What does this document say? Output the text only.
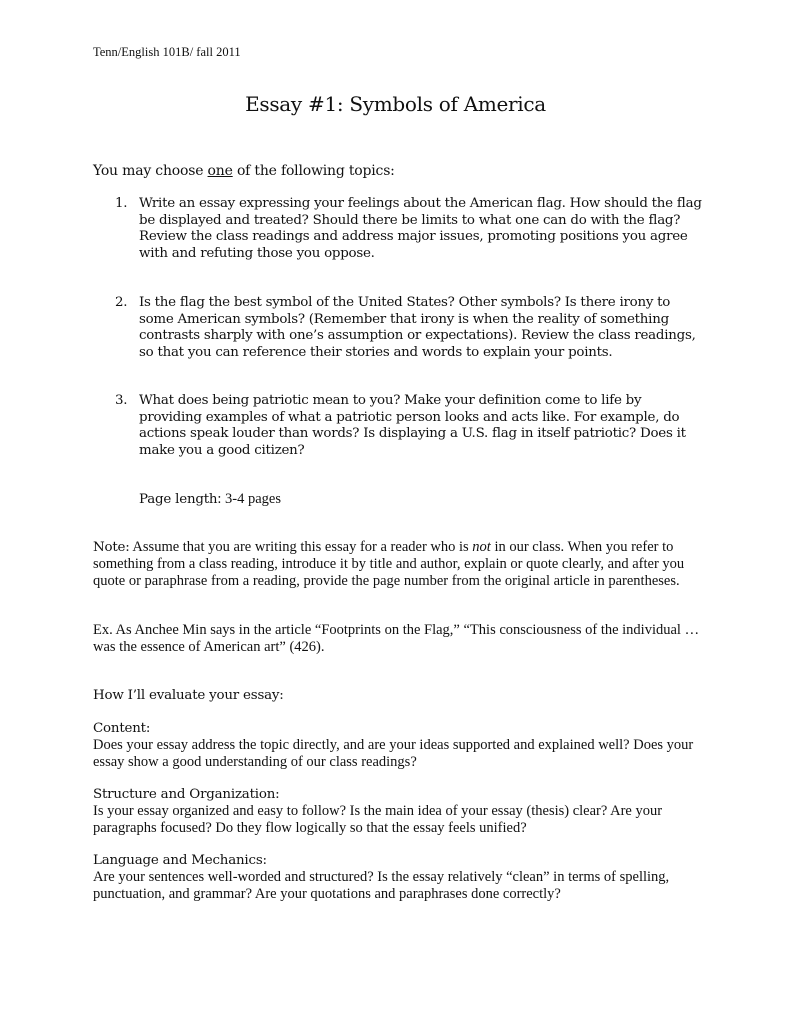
Tenn/English 101B/ fall 2011
Essay #1: Symbols of America
You may choose one of the following topics:
1. Write an essay expressing your feelings about the American flag. How should the flag be displayed and treated? Should there be limits to what one can do with the flag? Review the class readings and address major issues, promoting positions you agree with and refuting those you oppose.
2. Is the flag the best symbol of the United States? Other symbols? Is there irony to some American symbols? (Remember that irony is when the reality of something contrasts sharply with one’s assumption or expectations). Review the class readings, so that you can reference their stories and words to explain your points.
3. What does being patriotic mean to you? Make your definition come to life by providing examples of what a patriotic person looks and acts like. For example, do actions speak louder than words? Is displaying a U.S. flag in itself patriotic? Does it make you a good citizen?
Page length: 3-4 pages
Note: Assume that you are writing this essay for a reader who is not in our class. When you refer to something from a class reading, introduce it by title and author, explain or quote clearly, and after you quote or paraphrase from a reading, provide the page number from the original article in parentheses.
Ex. As Anchee Min says in the article “Footprints on the Flag,” “This consciousness of the individual … was the essence of American art” (426).
How I’ll evaluate your essay:
Content:
Does your essay address the topic directly, and are your ideas supported and explained well? Does your essay show a good understanding of our class readings?
Structure and Organization:
Is your essay organized and easy to follow? Is the main idea of your essay (thesis) clear? Are your paragraphs focused? Do they flow logically so that the essay feels unified?
Language and Mechanics:
Are your sentences well-worded and structured? Is the essay relatively “clean” in terms of spelling, punctuation, and grammar? Are your quotations and paraphrases done correctly?
